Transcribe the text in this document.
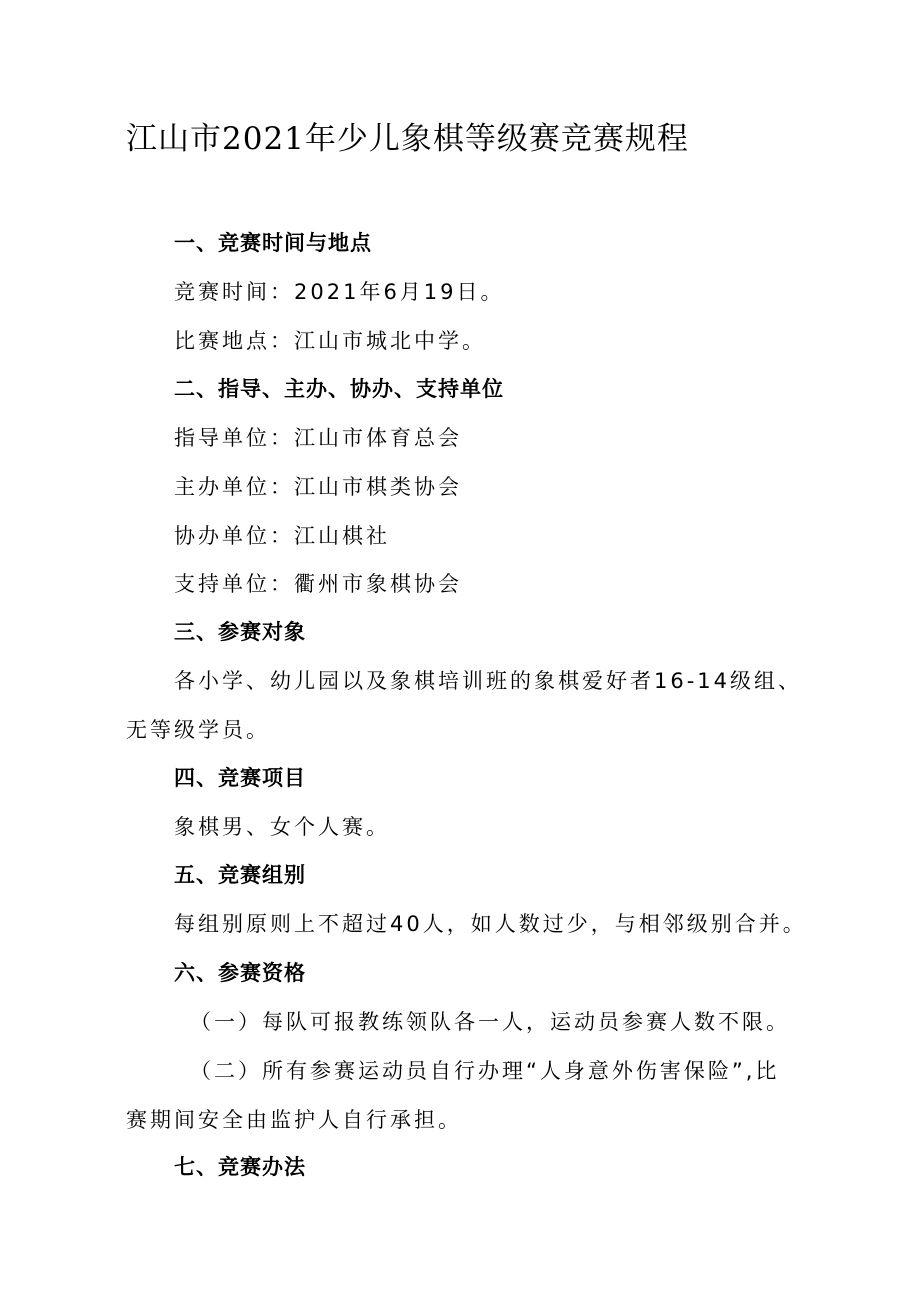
江山市2021年少儿象棋等级赛竞赛规程

一、竞赛时间与地点

竞赛时间：2021年6月19日。

比赛地点：江山市城北中学。

二、指导、主办、协办、支持单位

指导单位：江山市体育总会

主办单位：江山市棋类协会

协办单位：江山棋社

支持单位：衢州市象棋协会

三、参赛对象

各小学、幼儿园以及象棋培训班的象棋爱好者16-14级组、

无等级学员。

四、竞赛项目

象棋男、女个人赛。

五、竞赛组别

每组别原则上不超过40人，如人数过少，与相邻级别合并。

六、参赛资格

（一）每队可报教练领队各一人，运动员参赛人数不限。

（二）所有参赛运动员自行办理“人身意外伤害保险”,比

赛期间安全由监护人自行承担。

七、竞赛办法
